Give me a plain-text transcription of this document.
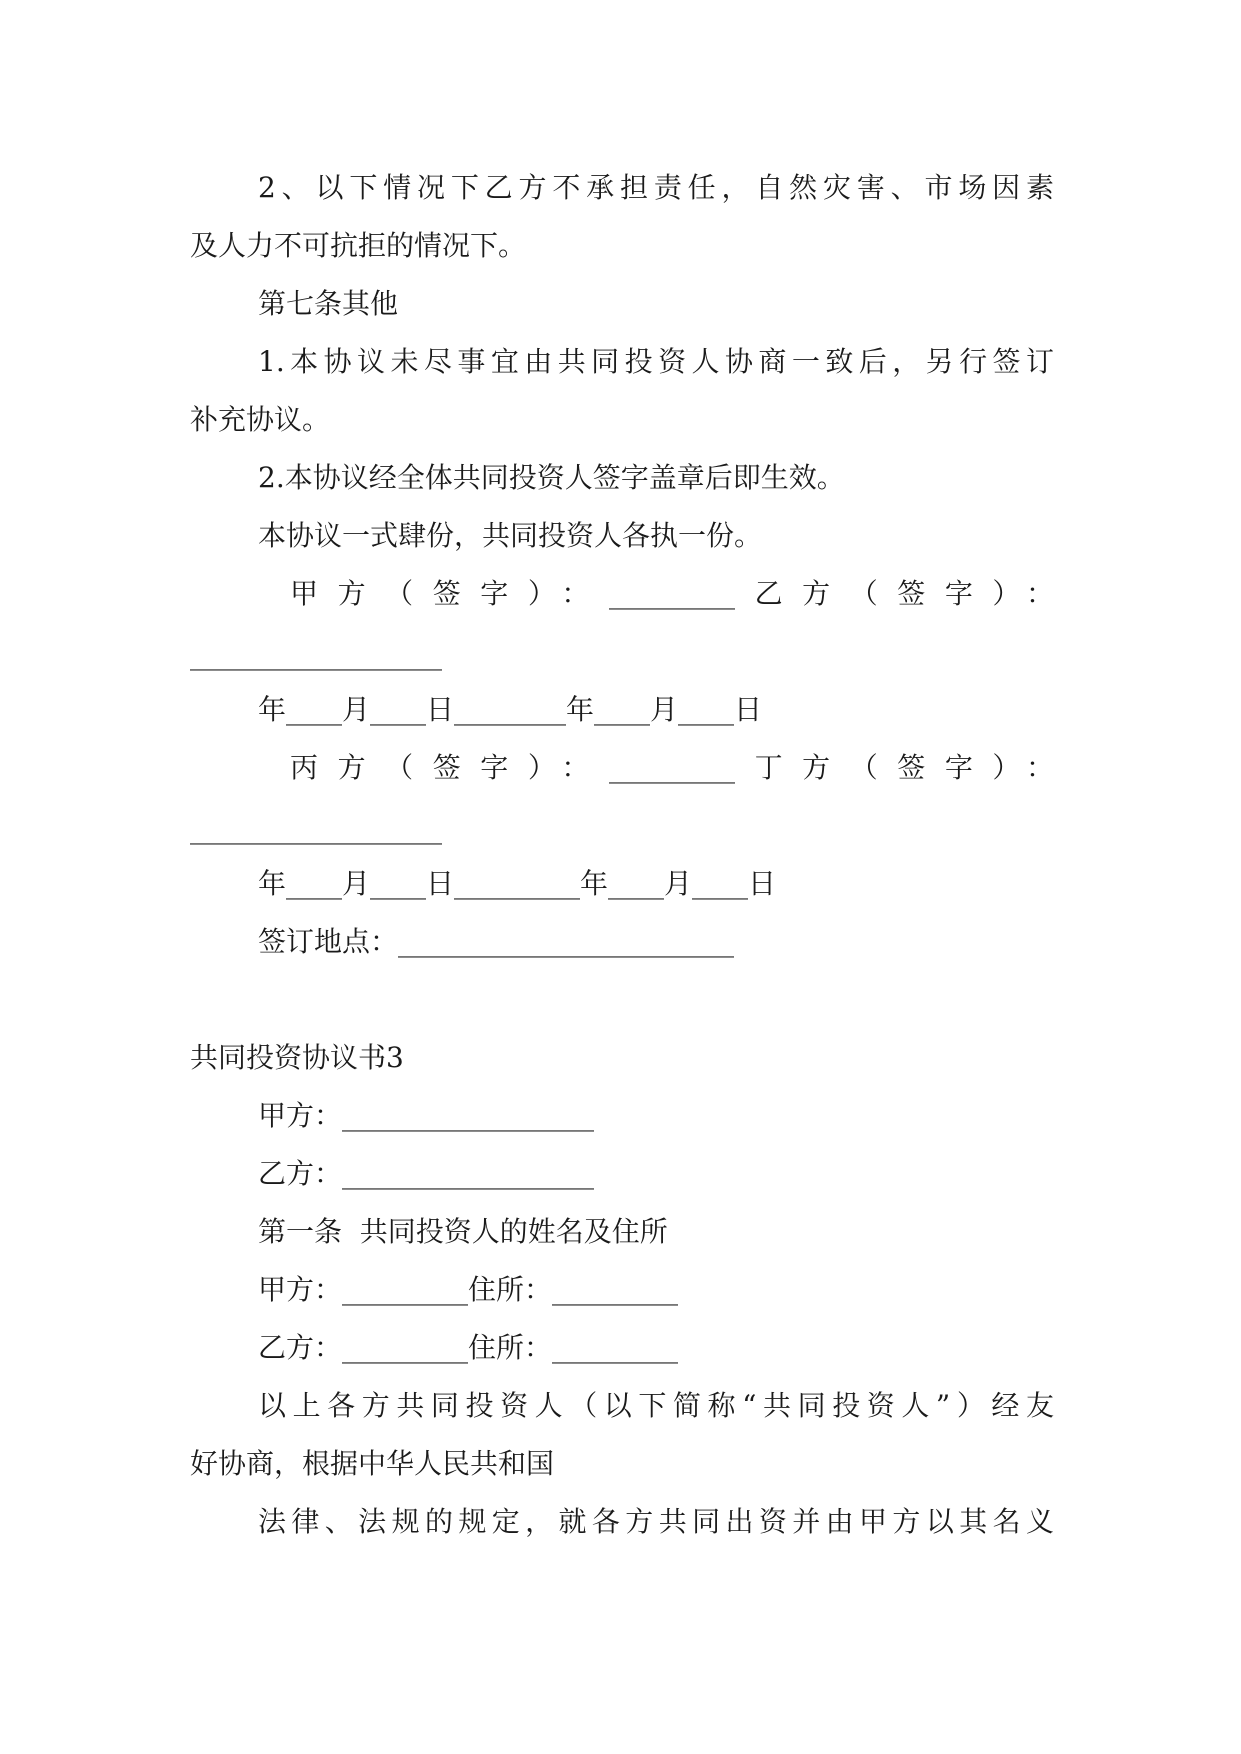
2、以下情况下乙方不承担责任，自然灾害、市场因素
及人力不可抗拒的情况下。
第七条其他
1.本协议未尽事宜由共同投资人协商一致后，另行签订
补充协议。
2.本协议经全体共同投资人签字盖章后即生效。
本协议一式肆份，共同投资人各执一份。
甲方（签字）：_________乙方（签字）：
__________________
年____月____日________年____月____日
丙方（签字）：_________丁方（签字）：
__________________
年____月____日_________年____月____日
签订地点：________________________
共同投资协议书3
甲方：__________________
乙方：__________________
第一条  共同投资人的姓名及住所
甲方：_________住所：_________
乙方：_________住所：_________
以上各方共同投资人（以下简称“共同投资人”）经友
好协商，根据中华人民共和国
法律、法规的规定，就各方共同出资并由甲方以其名义
